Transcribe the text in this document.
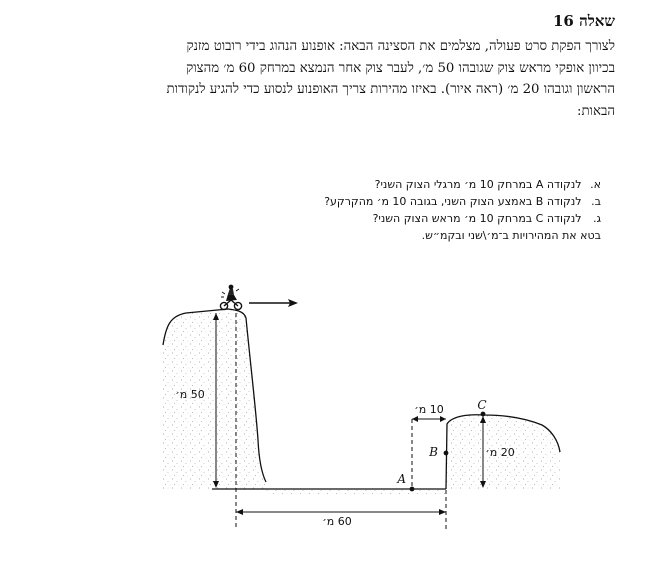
שאלה 16
לצורך הפקת סרט פעולה, מצלמים את הסצינה הבאה: אופנוע הנהוג בידי רובוט מזנק
בכיוון אופקי מראש צוק שגובהו 50 מ׳, לעבר צוק אחר הנמצא במרחק 60 מ׳ מהצוק
הראשון וגובהו 20 מ׳ (ראה איור). באיזו מהירות צריך האופנוע לנסוע כדי להגיע לנקודות
הבאות:
א. לנקודה A במרחק 10 מ׳ מרגלי הצוק השני?
ב. לנקודה B באמצע הצוק השני, בגובה 10 מ׳ מהקרקע?
ג. לנקודה C במרחק 10 מ׳ מראש הצוק השני?
בטא את המהירויות ב־מ׳\שני ובקמ״ש.
50 מ׳
60 מ׳
10 מ׳
20 מ׳
A
B
C
